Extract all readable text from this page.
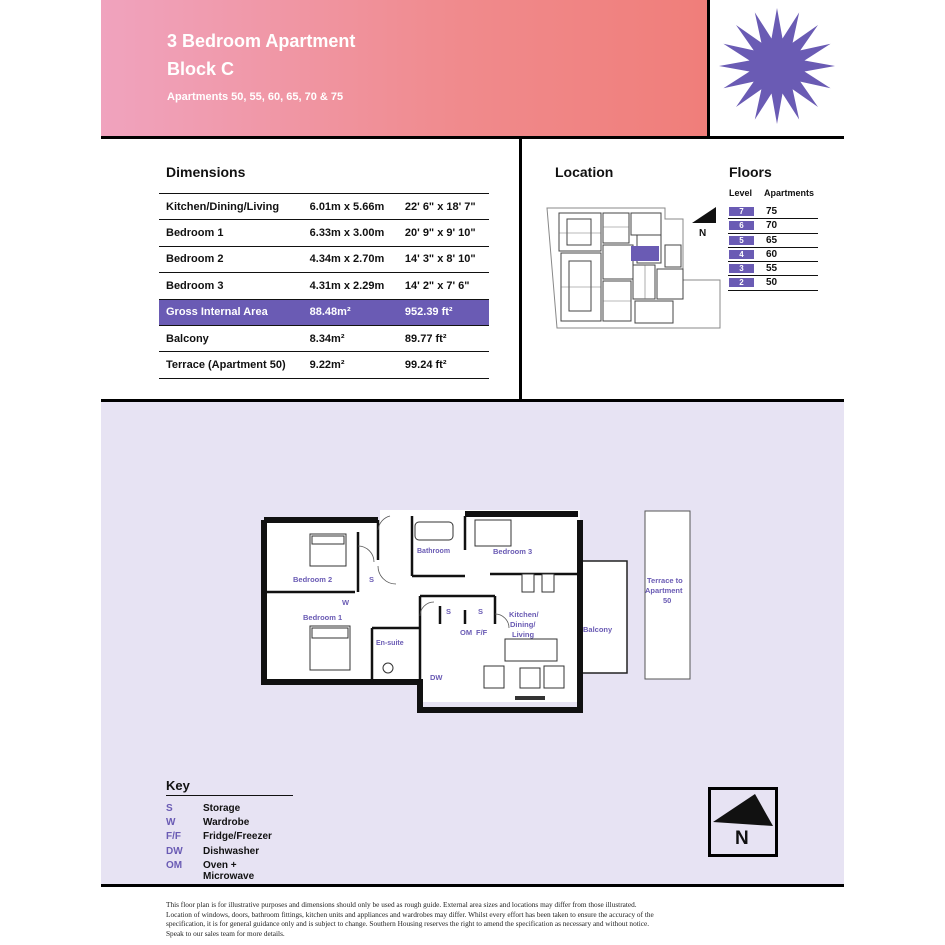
3 Bedroom Apartment
Block C
Apartments 50, 55, 60, 65, 70 & 75
Dimensions
Kitchen/Dining/Living	6.01m x 5.66m	22' 6" x 18' 7"
Bedroom 1	6.33m x 3.00m	20' 9" x 9' 10"
Bedroom 2	4.34m x 2.70m	14' 3" x 8' 10"
Bedroom 3	4.31m x 2.29m	14' 2" x 7' 6"
Gross Internal Area	88.48m²	952.39 ft²
Balcony	8.34m²	89.77 ft²
Terrace (Apartment 50)	9.22m²	99.24 ft²
Location
N
Floors
Level Apartments
7	75
6	70
5	65
4	60
3	55
2	50
Bedroom 2
Bedroom 1
Bedroom 3
Bathroom
En-suite
Kitchen/
Dining/
Living
Balcony
Terrace to
Apartment
50
S
S	S
W
OM F/F
DW
Key
S	Storage
W	Wardrobe
F/F Fridge/Freezer
DW Dishwasher
OM Oven + Microwave
N
This floor plan is for illustrative purposes and dimensions should only be used as rough guide. External area sizes and locations may differ from those illustrated.
Location of windows, doors, bathroom fittings, kitchen units and appliances and wardrobes may differ. Whilst every effort has been taken to ensure the accuracy of the
specification, it is for general guidance only and is subject to change. Southern Housing reserves the right to amend the specification as necessary and without notice.
Speak to our sales team for more details.
